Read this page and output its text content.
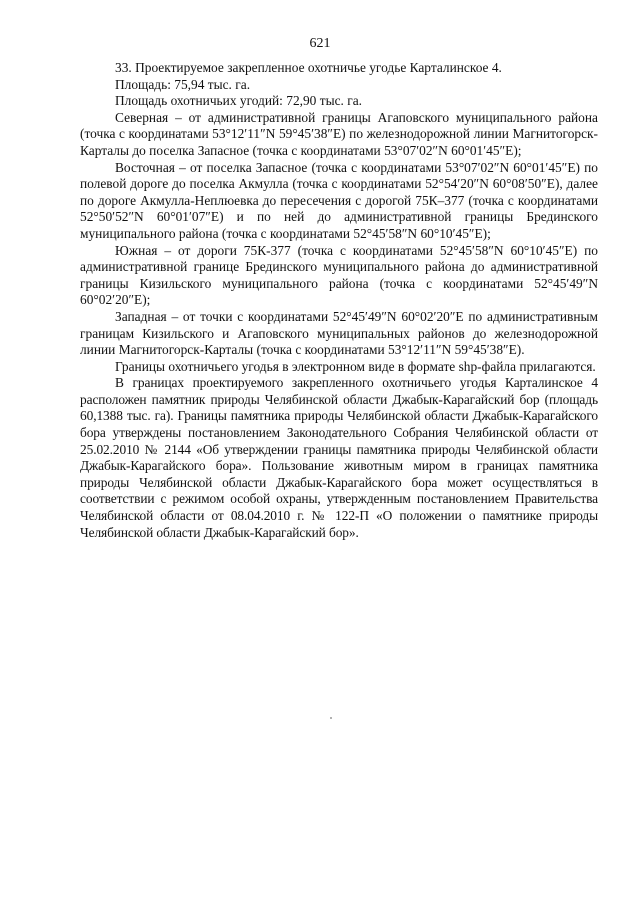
621

33. Проектируемое закрепленное охотничье угодье Карталинское 4.

Площадь: 75,94 тыс. га.

Площадь охотничьих угодий: 72,90 тыс. га.

Северная – от административной границы Агаповского муниципального района (точка с координатами 53°12′11″N 59°45′38″E) по железнодорожной линии Магнитогорск-Карталы до поселка Запасное (точка с координатами 53°07′02″N 60°01′45″E);

Восточная – от поселка Запасное (точка с координатами 53°07′02″N 60°01′45″E) по полевой дороге до поселка Акмулла (точка с координатами 52°54′20″N 60°08′50″E), далее по дороге Акмулла-Неплюевка до пересечения с дорогой 75К–377 (точка с координатами 52°50′52″N 60°01′07″E) и по ней до административной границы Брединского муниципального района (точка с координатами 52°45′58″N 60°10′45″E);

Южная – от дороги 75К-377 (точка с координатами 52°45′58″N 60°10′45″E) по административной границе Брединского муниципального района до административной границы Кизильского муниципального района (точка с координатами 52°45′49″N 60°02′20″E);

Западная – от точки с координатами 52°45′49″N 60°02′20″E по административным границам Кизильского и Агаповского муниципальных районов до железнодорожной линии Магнитогорск-Карталы (точка с координатами 53°12′11″N 59°45′38″E).

Границы охотничьего угодья в электронном виде в формате shp-файла прилагаются.

В границах проектируемого закрепленного охотничьего угодья Карталинское 4 расположен памятник природы Челябинской области Джабык-Карагайский бор (площадь 60,1388 тыс. га). Границы памятника природы Челябинской области Джабык-Карагайского бора утверждены постановлением Законодательного Собрания Челябинской области от 25.02.2010 № 2144 «Об утверждении границы памятника природы Челябинской области Джабык-Карагайского бора». Пользование животным миром в границах памятника природы Челябинской области Джабык-Карагайского бора может осуществляться в соответствии с режимом особой охраны, утвержденным постановлением Правительства Челябинской области от 08.04.2010 г. № 122-П «О положении о памятнике природы Челябинской области Джабык-Карагайский бор».
